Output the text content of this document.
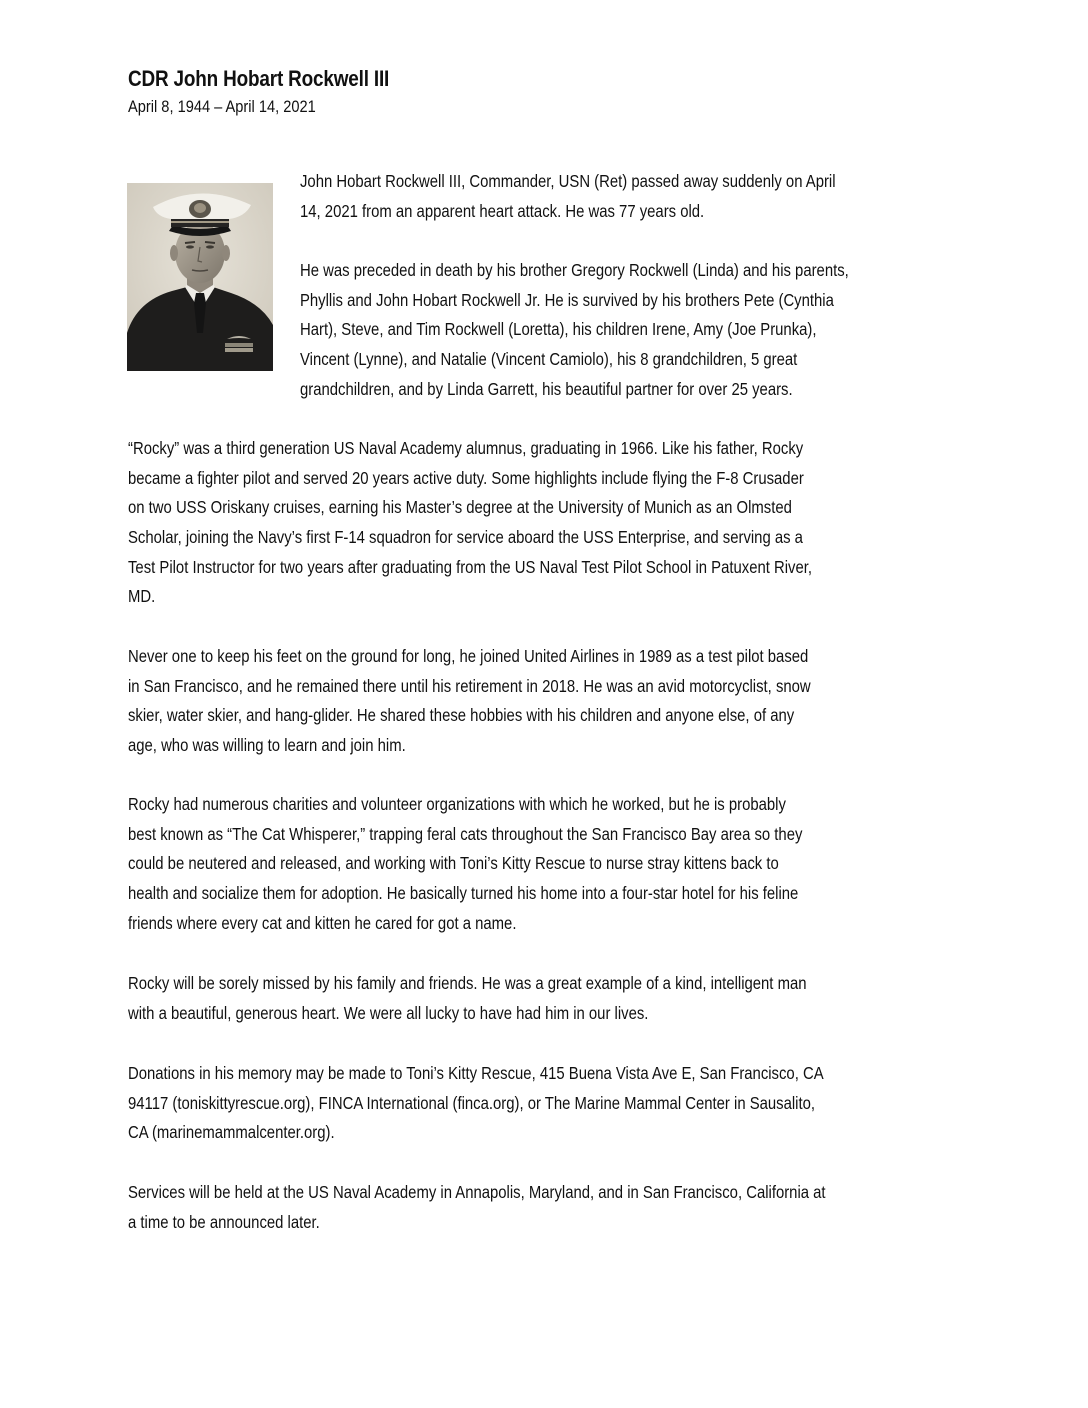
CDR John Hobart Rockwell III
April 8, 1944 – April 14, 2021
John Hobart Rockwell III, Commander, USN (Ret) passed away suddenly on April
14, 2021 from an apparent heart attack. He was 77 years old.
He was preceded in death by his brother Gregory Rockwell (Linda) and his parents,
Phyllis and John Hobart Rockwell Jr. He is survived by his brothers Pete (Cynthia
Hart), Steve, and Tim Rockwell (Loretta), his children Irene, Amy (Joe Prunka),
Vincent (Lynne), and Natalie (Vincent Camiolo), his 8 grandchildren, 5 great
grandchildren, and by Linda Garrett, his beautiful partner for over 25 years.
“Rocky” was a third generation US Naval Academy alumnus, graduating in 1966. Like his father, Rocky
became a fighter pilot and served 20 years active duty. Some highlights include flying the F-8 Crusader
on two USS Oriskany cruises, earning his Master’s degree at the University of Munich as an Olmsted
Scholar, joining the Navy’s first F-14 squadron for service aboard the USS Enterprise, and serving as a
Test Pilot Instructor for two years after graduating from the US Naval Test Pilot School in Patuxent River,
MD.
Never one to keep his feet on the ground for long, he joined United Airlines in 1989 as a test pilot based
in San Francisco, and he remained there until his retirement in 2018. He was an avid motorcyclist, snow
skier, water skier, and hang-glider. He shared these hobbies with his children and anyone else, of any
age, who was willing to learn and join him.
Rocky had numerous charities and volunteer organizations with which he worked, but he is probably
best known as “The Cat Whisperer,” trapping feral cats throughout the San Francisco Bay area so they
could be neutered and released, and working with Toni’s Kitty Rescue to nurse stray kittens back to
health and socialize them for adoption. He basically turned his home into a four-star hotel for his feline
friends where every cat and kitten he cared for got a name.
Rocky will be sorely missed by his family and friends. He was a great example of a kind, intelligent man
with a beautiful, generous heart. We were all lucky to have had him in our lives.
Donations in his memory may be made to Toni’s Kitty Rescue, 415 Buena Vista Ave E, San Francisco, CA
94117 (toniskittyrescue.org), FINCA International (finca.org), or The Marine Mammal Center in Sausalito,
CA (marinemammalcenter.org).
Services will be held at the US Naval Academy in Annapolis, Maryland, and in San Francisco, California at
a time to be announced later.
